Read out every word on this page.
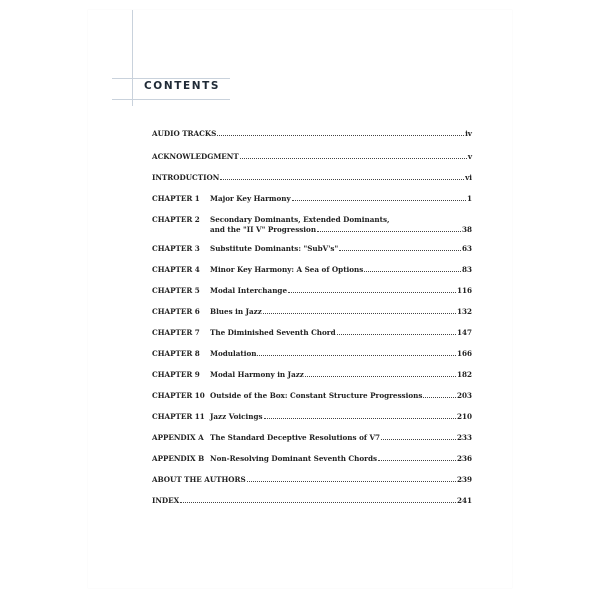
CONTENTS
AUDIO TRACKS	iv
ACKNOWLEDGMENT	v
INTRODUCTION	vi
CHAPTER 1 Major Key Harmony	1
CHAPTER 2 Secondary Dominants, Extended Dominants,
and the "II V" Progression	38
CHAPTER 3 Substitute Dominants: "SubV's"	63
CHAPTER 4 Minor Key Harmony: A Sea of Options	83
CHAPTER 5 Modal Interchange	116
CHAPTER 6 Blues in Jazz	132
CHAPTER 7 The Diminished Seventh Chord	147
CHAPTER 8 Modulation	166
CHAPTER 9 Modal Harmony in Jazz	182
CHAPTER 10 Outside of the Box: Constant Structure Progressions	203
CHAPTER 11 Jazz Voicings	210
APPENDIX A The Standard Deceptive Resolutions of V7	233
APPENDIX B Non-Resolving Dominant Seventh Chords	236
ABOUT THE AUTHORS	239
INDEX	241
